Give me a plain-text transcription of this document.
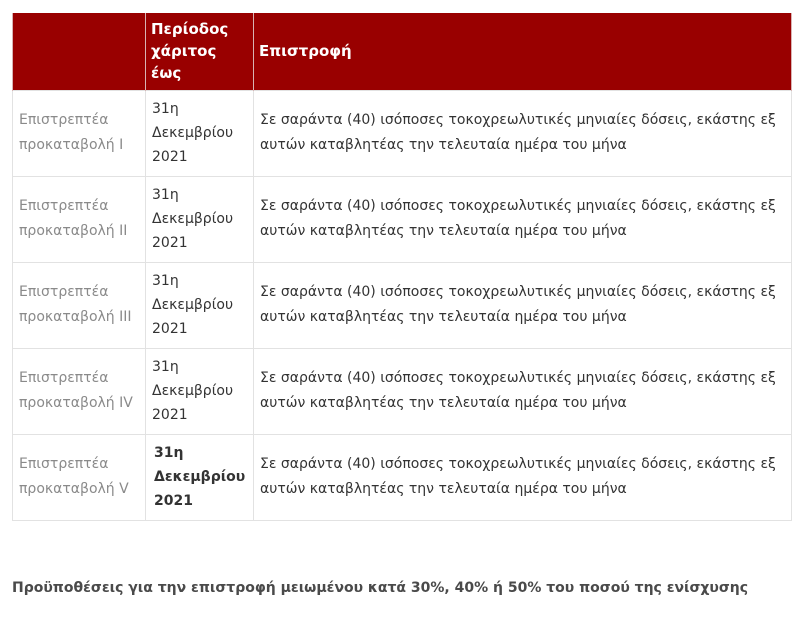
	Περίοδος χάριτος έως	Επιστροφή
Επιστρεπτέα προκαταβολή Ι	31η Δεκεμβρίου 2021	Σε σαράντα (40) ισόποσες τοκοχρεωλυτικές μηνιαίες δόσεις, εκάστης εξ αυτών καταβλητέας την τελευταία ημέρα του μήνα
Επιστρεπτέα προκαταβολή ΙΙ	31η Δεκεμβρίου 2021	Σε σαράντα (40) ισόποσες τοκοχρεωλυτικές μηνιαίες δόσεις, εκάστης εξ αυτών καταβλητέας την τελευταία ημέρα του μήνα
Επιστρεπτέα προκαταβολή ΙΙΙ	31η Δεκεμβρίου 2021	Σε σαράντα (40) ισόποσες τοκοχρεωλυτικές μηνιαίες δόσεις, εκάστης εξ αυτών καταβλητέας την τελευταία ημέρα του μήνα
Επιστρεπτέα προκαταβολή IV	31η Δεκεμβρίου 2021	Σε σαράντα (40) ισόποσες τοκοχρεωλυτικές μηνιαίες δόσεις, εκάστης εξ αυτών καταβλητέας την τελευταία ημέρα του μήνα
Επιστρεπτέα προκαταβολή V	31η Δεκεμβρίου 2021	Σε σαράντα (40) ισόποσες τοκοχρεωλυτικές μηνιαίες δόσεις, εκάστης εξ αυτών καταβλητέας την τελευταία ημέρα του μήνα
Προϋποθέσεις για την επιστροφή μειωμένου κατά 30%, 40% ή 50% του ποσού της ενίσχυσης
